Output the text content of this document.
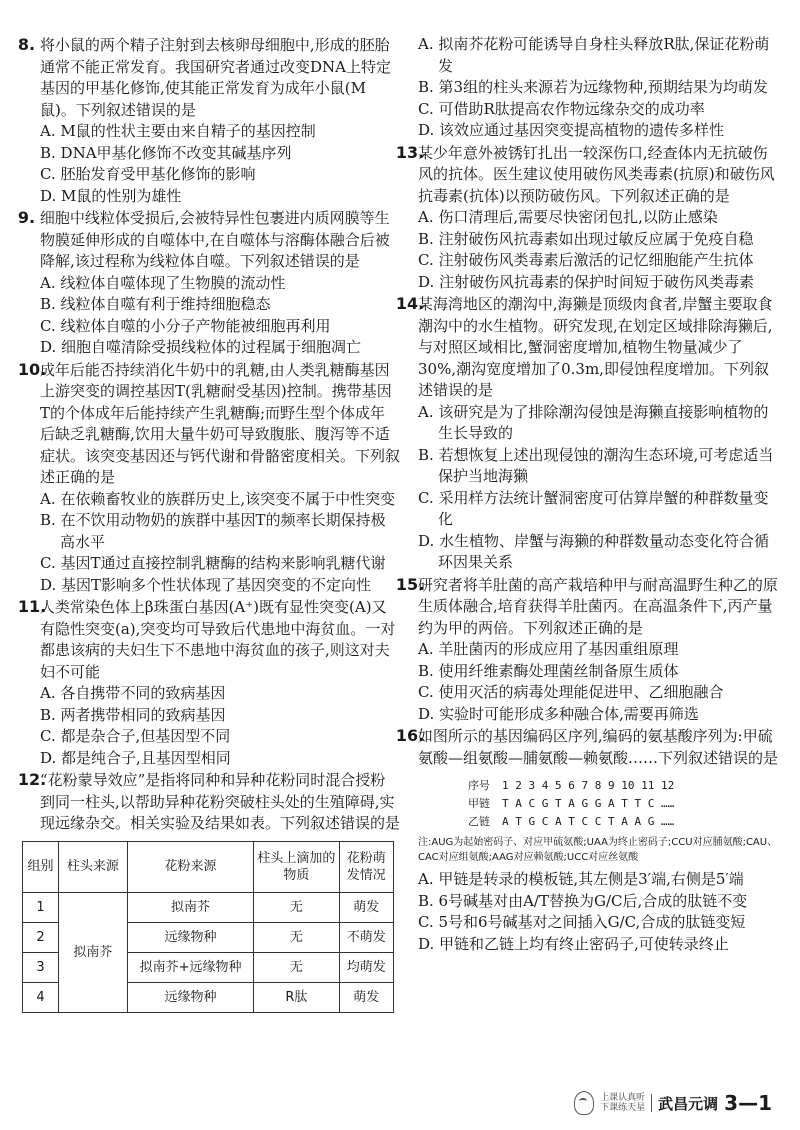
8. 将小鼠的两个精子注射到去核卵母细胞中,形成的胚胎通常不能正常发育。我国研究者通过改变DNA上特定基因的甲基化修饰,使其能正常发育为成年小鼠(M鼠)。下列叙述错误的是

A. M鼠的性状主要由来自精子的基因控制

B. DNA甲基化修饰不改变其碱基序列

C. 胚胎发育受甲基化修饰的影响

D. M鼠的性别为雄性

9. 细胞中线粒体受损后,会被特异性包裹进内质网膜等生物膜延伸形成的自噬体中,在自噬体与溶酶体融合后被降解,该过程称为线粒体自噬。下列叙述错误的是

A. 线粒体自噬体现了生物膜的流动性

B. 线粒体自噬有利于维持细胞稳态

C. 线粒体自噬的小分子产物能被细胞再利用

D. 细胞自噬清除受损线粒体的过程属于细胞凋亡

10.成年后能否持续消化牛奶中的乳糖,由人类乳糖酶基因上游突变的调控基因T(乳糖耐受基因)控制。携带基因T的个体成年后能持续产生乳糖酶;而野生型个体成年后缺乏乳糖酶,饮用大量牛奶可导致腹胀、腹泻等不适症状。该突变基因还与钙代谢和骨骼密度相关。下列叙述正确的是

A. 在依赖畜牧业的族群历史上,该突变不属于中性突变

B. 在不饮用动物奶的族群中基因T的频率长期保持极高水平

C. 基因T通过直接控制乳糖酶的结构来影响乳糖代谢

D. 基因T影响多个性状体现了基因突变的不定向性

11.人类常染色体上β珠蛋白基因(A⁺)既有显性突变(A)又有隐性突变(a),突变均可导致后代患地中海贫血。一对都患该病的夫妇生下不患地中海贫血的孩子,则这对夫妇不可能

A. 各自携带不同的致病基因

B. 两者携带相同的致病基因

C. 都是杂合子,但基因型不同

D. 都是纯合子,且基因型相同

12.“花粉蒙导效应”是指将同种和异种花粉同时混合授粉到同一柱头,以帮助异种花粉突破柱头处的生殖障碍,实现远缘杂交。相关实验及结果如表。下列叙述错误的是

组别	柱头来源	花粉来源	柱头上滴加的物质	花粉萌发情况
1	拟南芥	拟南芥	无	萌发
2		远缘物种	无	不萌发
3		拟南芥+远缘物种	无	均萌发
4		远缘物种	R肽	萌发

A. 拟南芥花粉可能诱导自身柱头释放R肽,保证花粉萌发

B. 第3组的柱头来源若为远缘物种,预期结果为均萌发

C. 可借助R肽提高农作物远缘杂交的成功率

D. 该效应通过基因突变提高植物的遗传多样性

13.某少年意外被锈钉扎出一较深伤口,经查体内无抗破伤风的抗体。医生建议使用破伤风类毒素(抗原)和破伤风抗毒素(抗体)以预防破伤风。下列叙述正确的是

A. 伤口清理后,需要尽快密闭包扎,以防止感染

B. 注射破伤风抗毒素如出现过敏反应属于免疫自稳

C. 注射破伤风类毒素后激活的记忆细胞能产生抗体

D. 注射破伤风抗毒素的保护时间短于破伤风类毒素

14.某海湾地区的潮沟中,海獭是顶级肉食者,岸蟹主要取食潮沟中的水生植物。研究发现,在划定区域排除海獭后,与对照区域相比,蟹洞密度增加,植物生物量减少了30%,潮沟宽度增加了0.3m,即侵蚀程度增加。下列叙述错误的是

A. 该研究是为了排除潮沟侵蚀是海獭直接影响植物的生长导致的

B. 若想恢复上述出现侵蚀的潮沟生态环境,可考虑适当保护当地海獭

C. 采用样方法统计蟹洞密度可估算岸蟹的种群数量变化

D. 水生植物、岸蟹与海獭的种群数量动态变化符合循环因果关系

15.研究者将羊肚菌的高产栽培种甲与耐高温野生种乙的原生质体融合,培育获得羊肚菌丙。在高温条件下,丙产量约为甲的两倍。下列叙述正确的是

A. 羊肚菌丙的形成应用了基因重组原理

B. 使用纤维素酶处理菌丝制备原生质体

C. 使用灭活的病毒处理能促进甲、乙细胞融合

D. 实验时可能形成多种融合体,需要再筛选

16.如图所示的基因编码区序列,编码的氨基酸序列为:甲硫氨酸—组氨酸—脯氨酸—赖氨酸……下列叙述错误的是

序号 1 2 3 4 5 6 7 8 9 10 11 12
甲链 T A C G T A G G A T T C ……
乙链 A T G C A T C C T A A G ……

注:AUG为起始密码子、对应甲硫氨酸;UAA为终止密码子;CCU对应脯氨酸;CAU、CAC对应组氨酸;AAG对应赖氨酸;UCC对应丝氨酸

A. 甲链是转录的模板链,其左侧是3′端,右侧是5′端

B. 6号碱基对由A/T替换为G/C后,合成的肽链不变

C. 5号和6号碱基对之间插入G/C,合成的肽链变短

D. 甲链和乙链上均有终止密码子,可使转录终止

上课认真听
下课练天星 武昌元调 3—1
